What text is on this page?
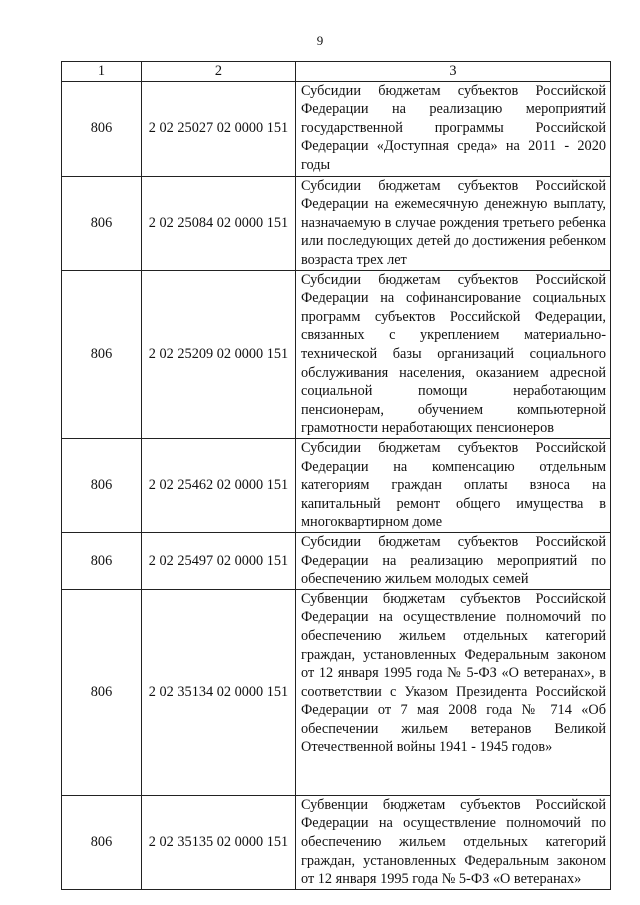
9
1	2	3
806	2 02 25027 02 0000 151	Субсидии бюджетам субъектов Российской Федерации на реализацию мероприятий государственной программы Российской Федерации «Доступная среда» на 2011 - 2020 годы
806	2 02 25084 02 0000 151	Субсидии бюджетам субъектов Российской Федерации на ежемесячную денежную выплату, назначаемую в случае рождения третьего ребенка или последующих детей до достижения ребенком возраста трех лет
806	2 02 25209 02 0000 151	Субсидии бюджетам субъектов Российской Федерации на софинансирование социальных программ субъектов Российской Федерации, связанных с укреплением материально-технической базы организаций социального обслуживания населения, оказанием адресной социальной помощи неработающим пенсионерам, обучением компьютерной грамотности неработающих пенсионеров
806	2 02 25462 02 0000 151	Субсидии бюджетам субъектов Российской Федерации на компенсацию отдельным категориям граждан оплаты взноса на капитальный ремонт общего имущества в многоквартирном доме
806	2 02 25497 02 0000 151	Субсидии бюджетам субъектов Российской Федерации на реализацию мероприятий по обеспечению жильем молодых семей
806	2 02 35134 02 0000 151	Субвенции бюджетам субъектов Российской Федерации на осуществление полномочий по обеспечению жильем отдельных категорий граждан, установленных Федеральным законом от 12 января 1995 года № 5-ФЗ «О ветеранах», в соответствии с Указом Президента Российской Федерации от 7 мая 2008 года № 714 «Об обеспечении жильем ветеранов Великой Отечественной войны 1941 - 1945 годов»
806	2 02 35135 02 0000 151	Субвенции бюджетам субъектов Российской Федерации на осуществление полномочий по обеспечению жильем отдельных категорий граждан, установленных Федеральным законом от 12 января 1995 года № 5-ФЗ «О ветеранах»
